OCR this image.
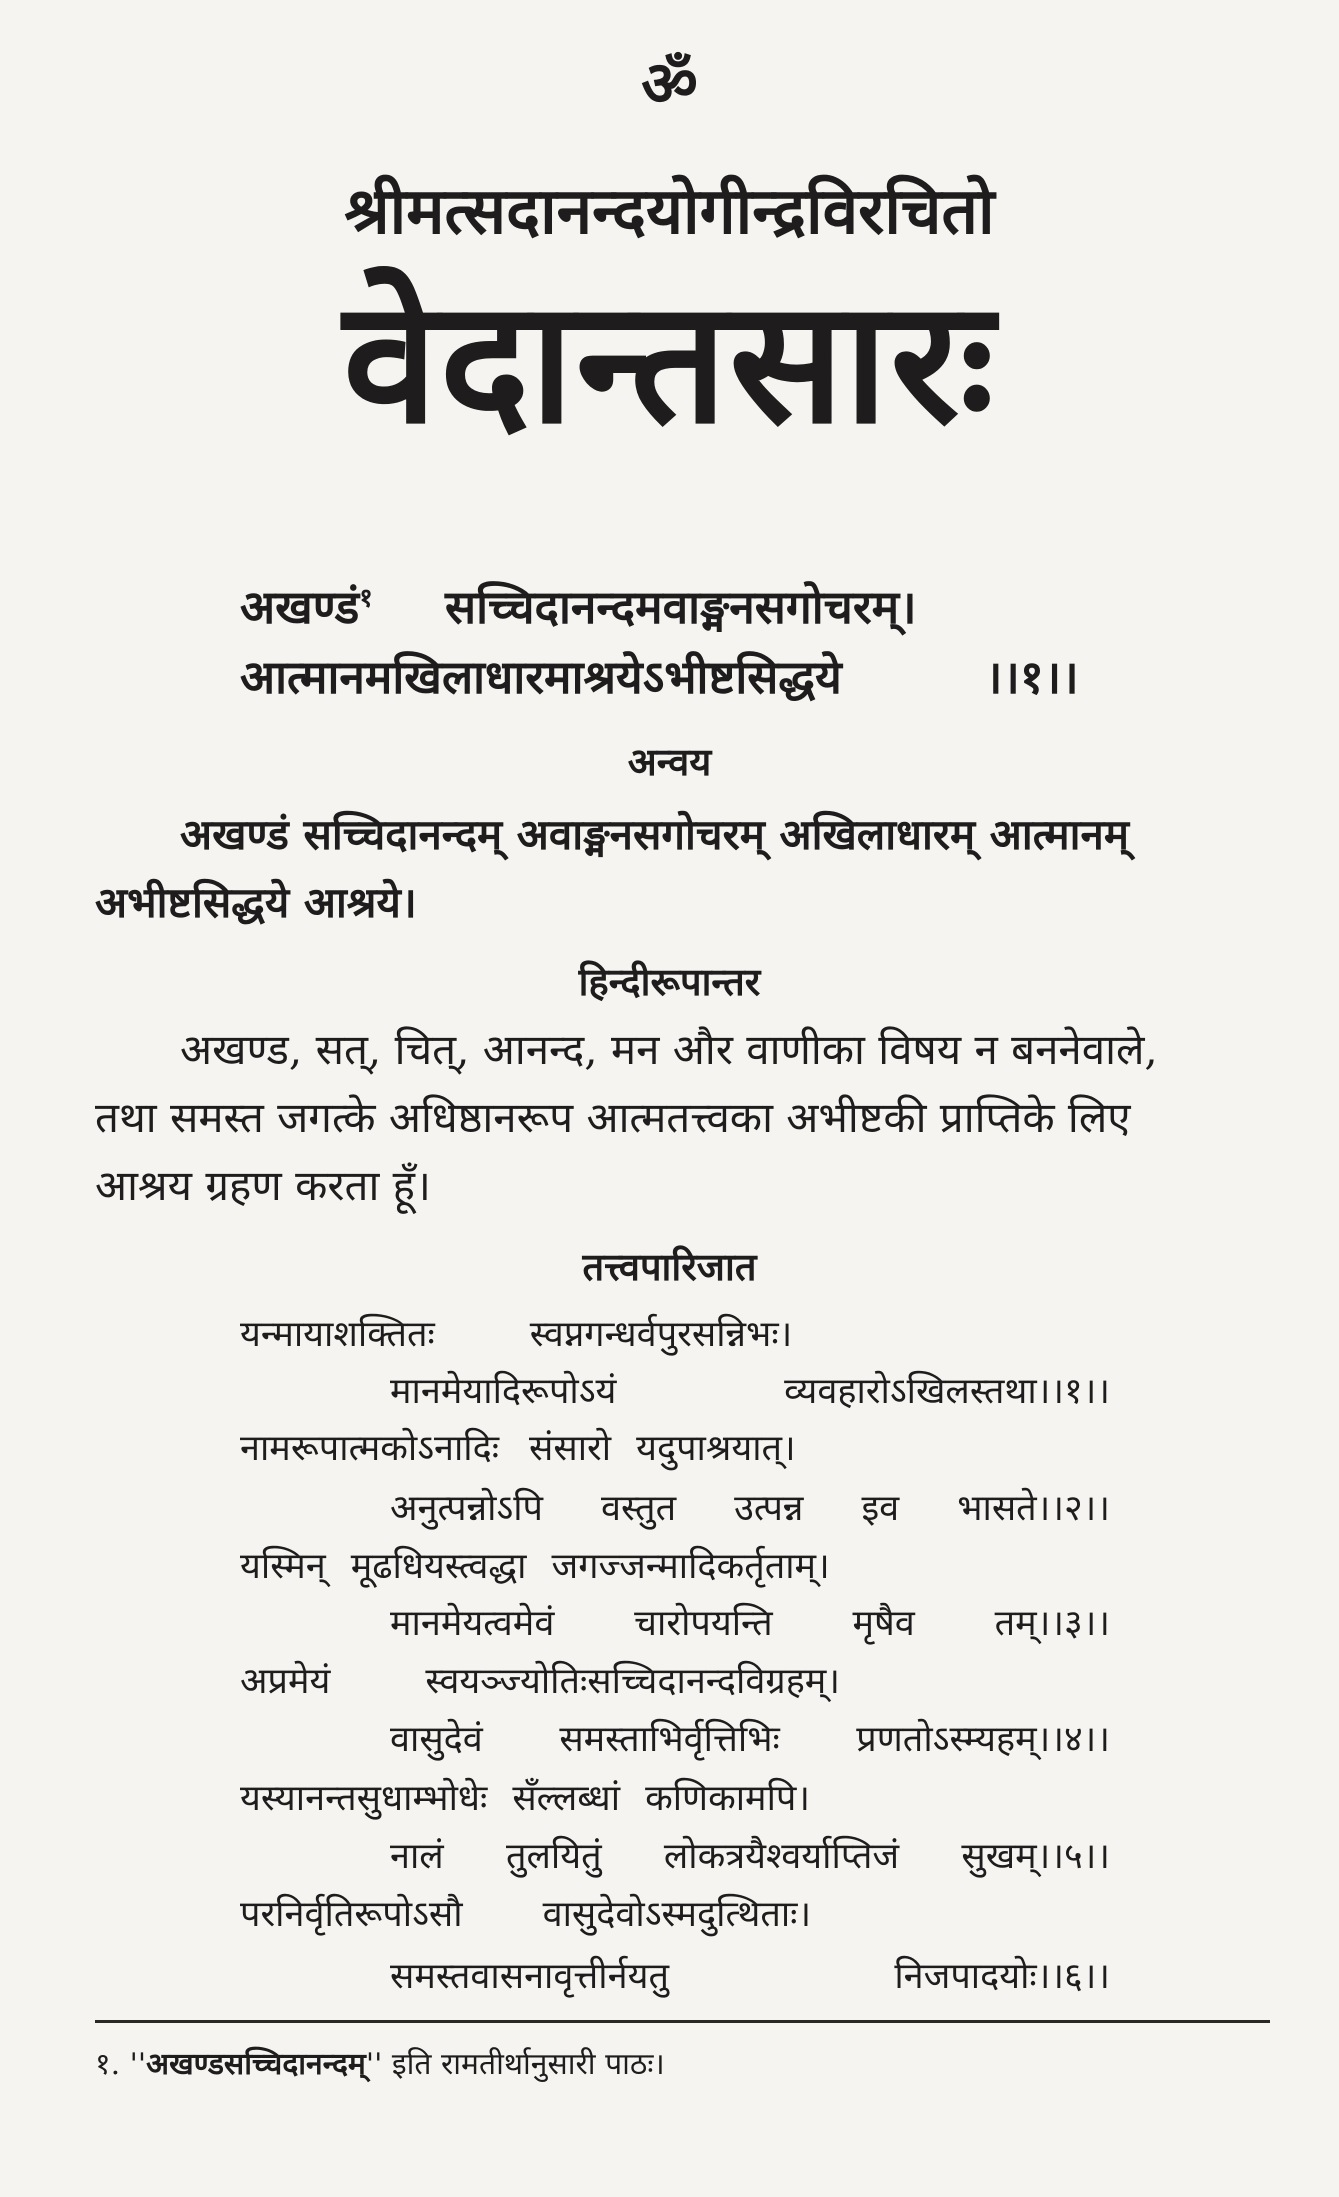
ॐ
श्रीमत्सदानन्दयोगीन्द्रविरचितो
वेदान्तसारः
अखण्डं$^१$ सच्चिदानन्दमवाङ्मनसगोचरम्।
आत्मानमखिलाधारमाश्रयेऽभीष्टसिद्धये	।।१।।
अन्वय
अखण्डं सच्चिदानन्दम् अवाङ्मनसगोचरम् अखिलाधारम् आत्मानम्
अभीष्टसिद्धये आश्रये।
हिन्दीरूपान्तर
अखण्ड, सत्, चित्, आनन्द, मन और वाणीका विषय न बननेवाले,
तथा समस्त जगत्के अधिष्ठानरूप आत्मतत्त्वका अभीष्टकी प्राप्तिके लिए
आश्रय ग्रहण करता हूँ।
तत्त्वपारिजात
यन्मायाशक्तितः	स्वप्नगन्धर्वपुरसन्निभः।
मानमेयादिरूपोऽयं	व्यवहारोऽखिलस्तथा।।१।।
नामरूपात्मकोऽनादिः संसारो यदुपाश्रयात्।
अनुत्पन्नोऽपि वस्तुत उत्पन्न इव भासते।।२।।
यस्मिन् मूढधियस्त्वद्धा जगज्जन्मादिकर्तृताम्।
मानमेयत्वमेवं चारोपयन्ति मृषैव तम्।।३।।
अप्रमेयं	स्वयञ्ज्योतिःसच्चिदानन्दविग्रहम्।
वासुदेवं समस्ताभिर्वृत्तिभिः प्रणतोऽस्म्यहम्।।४।।
यस्यानन्तसुधाम्भोधेः सँल्लब्धां कणिकामपि।
नालं तुलयितुं लोकत्रयैश्वर्याप्तिजं सुखम्।।५।।
परनिर्वृतिरूपोऽसौ वासुदेवोऽस्मदुत्थिताः।
समस्तवासनावृत्तीर्नयतु	निजपादयोः।।६।।
१. ''अखण्डसच्चिदानन्दम्'' इति रामतीर्थानुसारी पाठः।
